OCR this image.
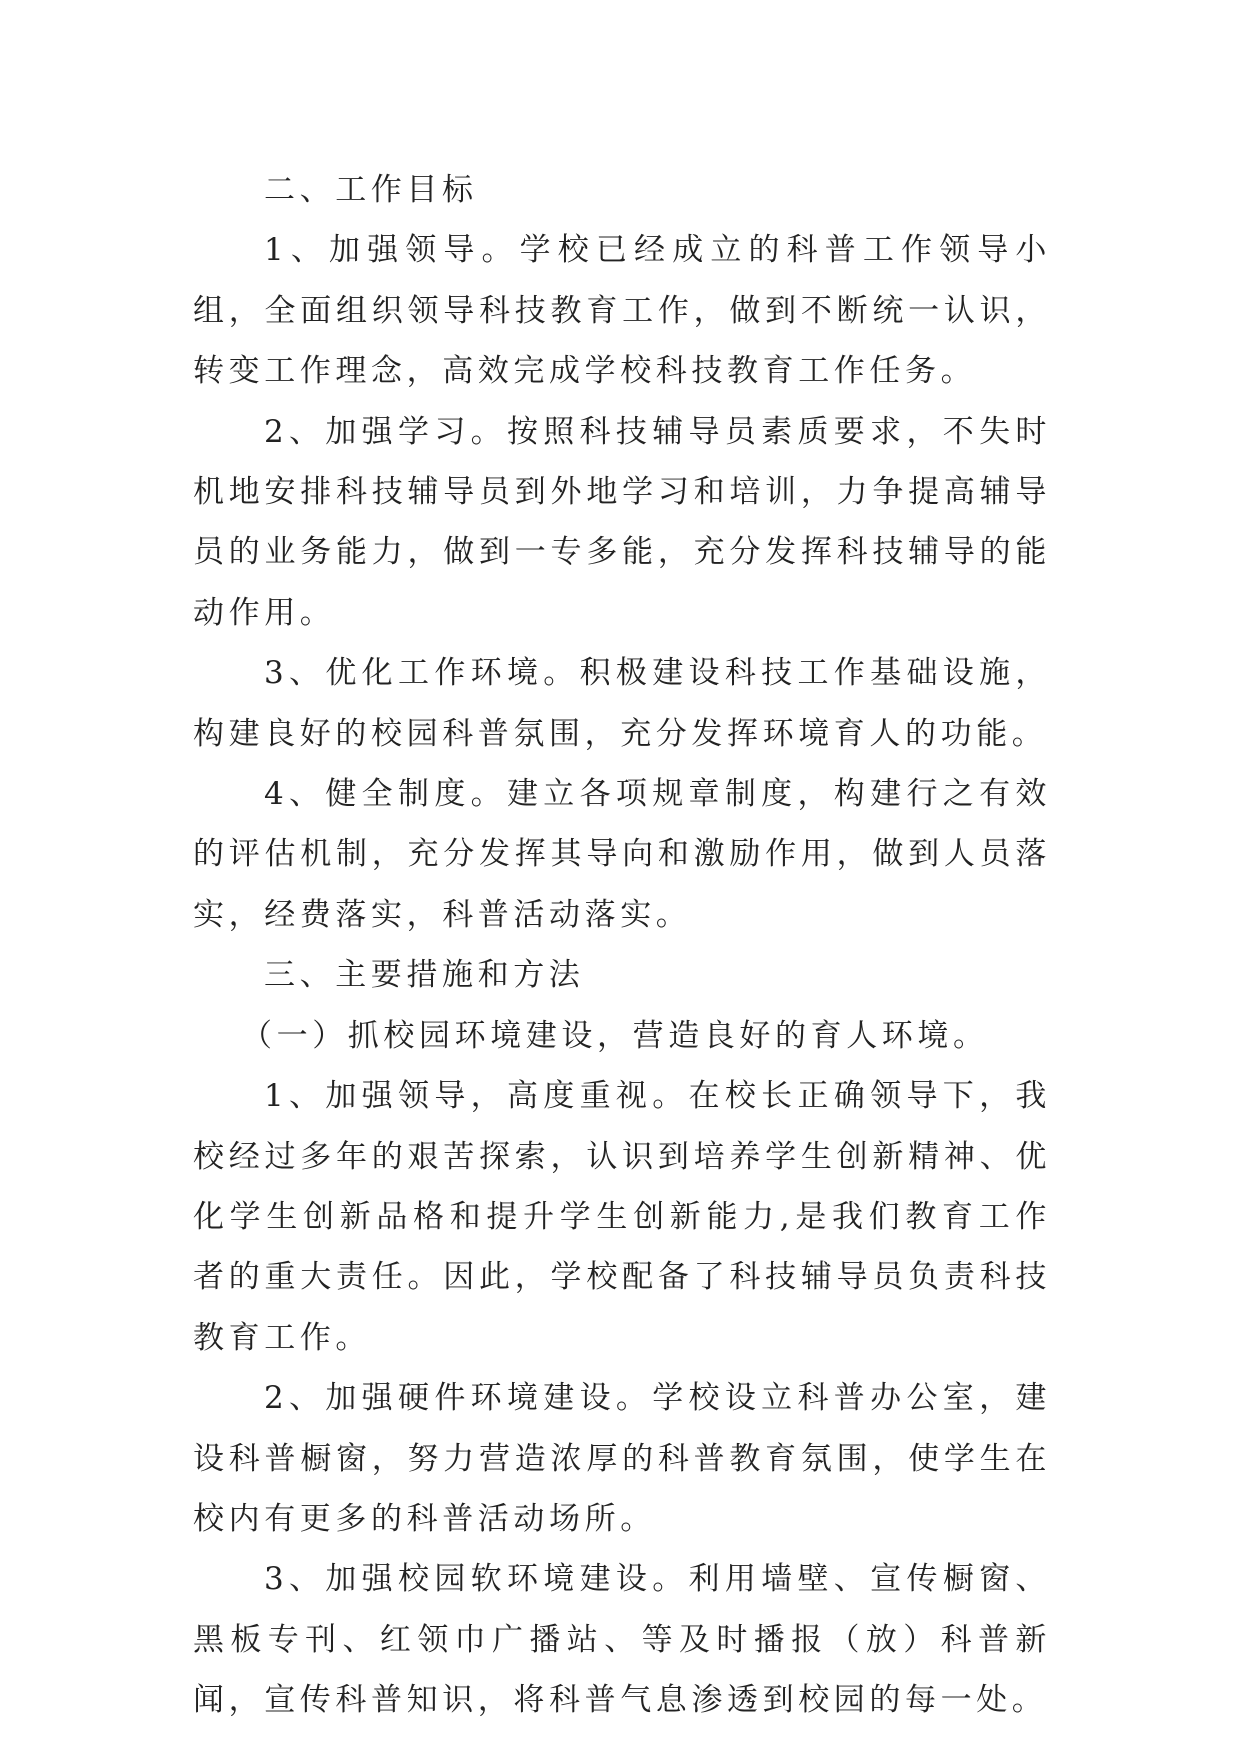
二、工作目标

1、加强领导。学校已经成立的科普工作领导小组，全面组织领导科技教育工作，做到不断统一认识，转变工作理念，高效完成学校科技教育工作任务。

2、加强学习。按照科技辅导员素质要求，不失时机地安排科技辅导员到外地学习和培训，力争提高辅导员的业务能力，做到一专多能，充分发挥科技辅导的能动作用。

3、优化工作环境。积极建设科技工作基础设施，构建良好的校园科普氛围，充分发挥环境育人的功能。

4、健全制度。建立各项规章制度，构建行之有效的评估机制，充分发挥其导向和激励作用，做到人员落实，经费落实，科普活动落实。

三、主要措施和方法

（一）抓校园环境建设，营造良好的育人环境。

1、加强领导，高度重视。在校长正确领导下，我校经过多年的艰苦探索，认识到培养学生创新精神、优化学生创新品格和提升学生创新能力,是我们教育工作者的重大责任。因此，学校配备了科技辅导员负责科技教育工作。

2、加强硬件环境建设。学校设立科普办公室，建设科普橱窗，努力营造浓厚的科普教育氛围，使学生在校内有更多的科普活动场所。

3、加强校园软环境建设。利用墙壁、宣传橱窗、黑板专刊、红领巾广播站、等及时播报（放）科普新闻，宣传科普知识，将科普气息渗透到校园的每一处。
